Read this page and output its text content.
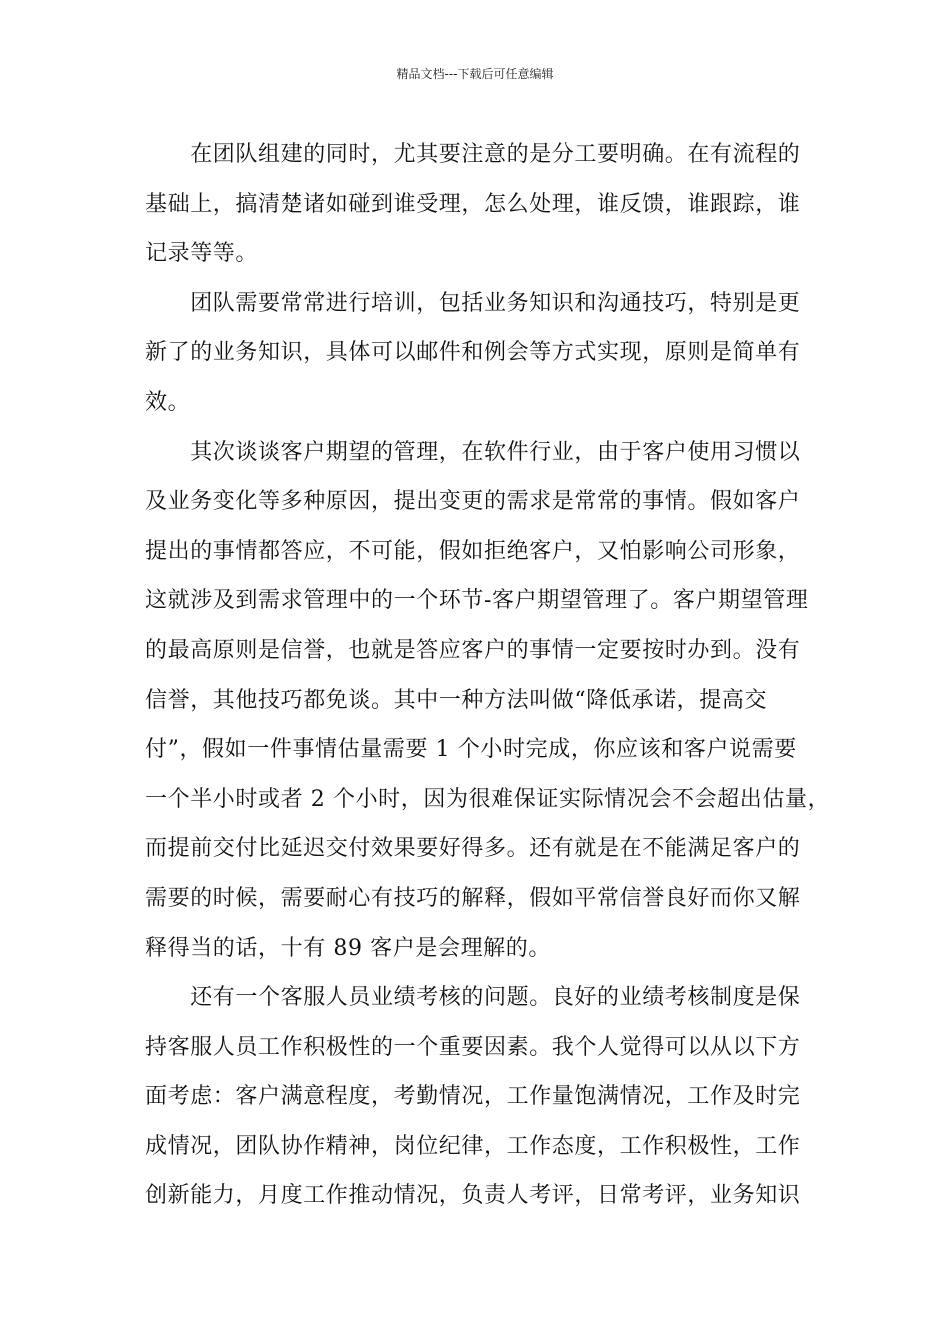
精品文档---下载后可任意编辑

　　在团队组建的同时，尤其要注意的是分工要明确。在有流程的
基础上，搞清楚诸如碰到谁受理，怎么处理，谁反馈，谁跟踪，谁
记录等等。

　　团队需要常常进行培训，包括业务知识和沟通技巧，特别是更
新了的业务知识，具体可以邮件和例会等方式实现，原则是简单有
效。

　　其次谈谈客户期望的管理，在软件行业，由于客户使用习惯以
及业务变化等多种原因，提出变更的需求是常常的事情。假如客户
提出的事情都答应，不可能，假如拒绝客户，又怕影响公司形象，
这就涉及到需求管理中的一个环节-客户期望管理了。客户期望管理
的最高原则是信誉，也就是答应客户的事情一定要按时办到。没有
信誉，其他技巧都免谈。其中一种方法叫做“降低承诺，提高交
付”，假如一件事情估量需要 1 个小时完成，你应该和客户说需要
一个半小时或者 2 个小时，因为很难保证实际情况会不会超出估量，
而提前交付比延迟交付效果要好得多。还有就是在不能满足客户的
需要的时候，需要耐心有技巧的解释，假如平常信誉良好而你又解
释得当的话，十有 89 客户是会理解的。

　　还有一个客服人员业绩考核的问题。良好的业绩考核制度是保
持客服人员工作积极性的一个重要因素。我个人觉得可以从以下方
面考虑：客户满意程度，考勤情况，工作量饱满情况，工作及时完
成情况，团队协作精神，岗位纪律，工作态度，工作积极性，工作
创新能力，月度工作推动情况，负责人考评，日常考评，业务知识
